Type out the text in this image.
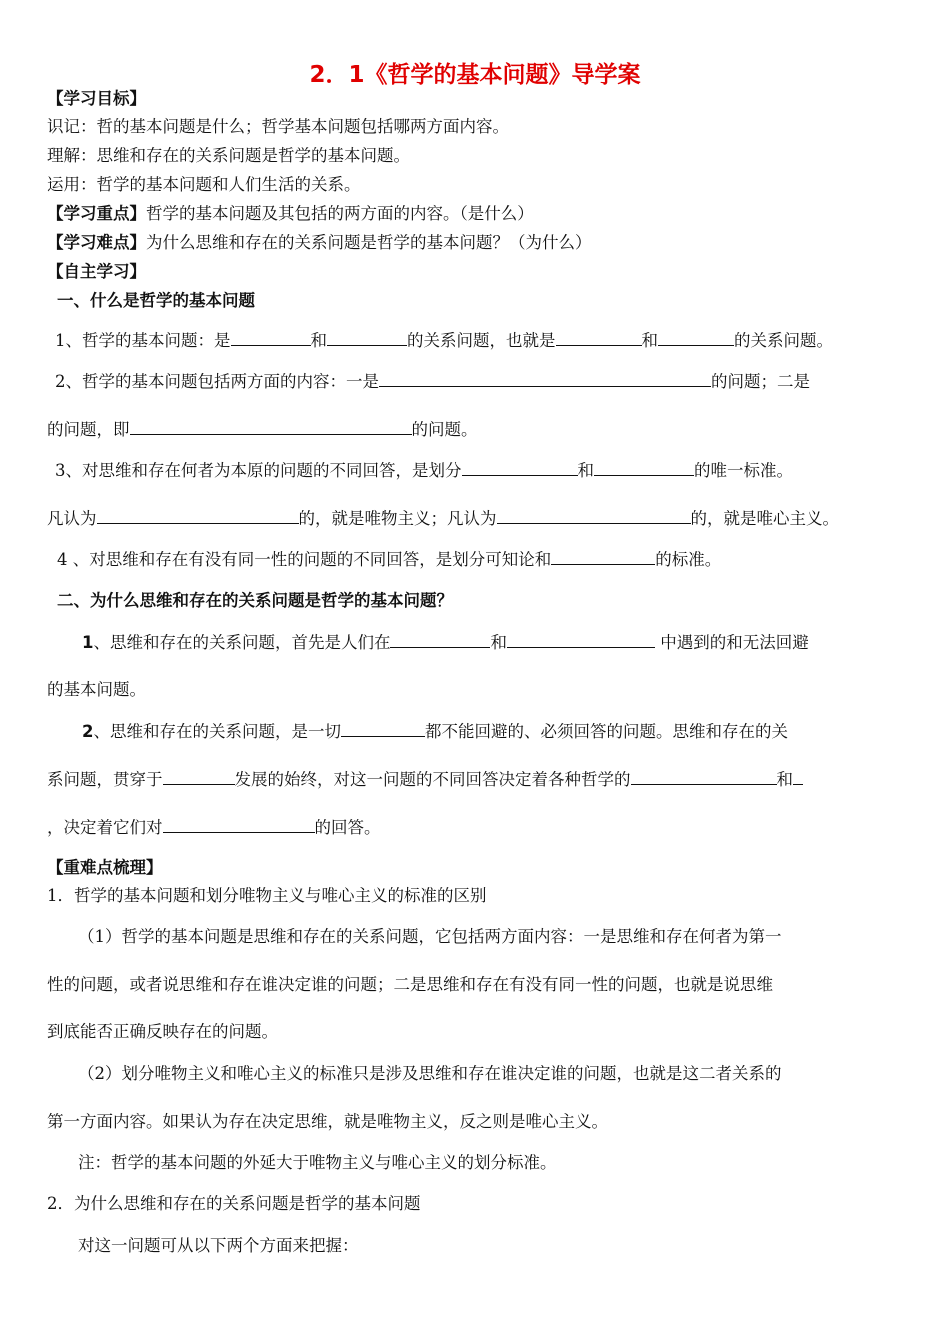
2．1《哲学的基本问题》导学案
【学习目标】
识记：哲的基本问题是什么；哲学基本问题包括哪两方面内容。
理解：思维和存在的关系问题是哲学的基本问题。
运用：哲学的基本问题和人们生活的关系。
【学习重点】哲学的基本问题及其包括的两方面的内容。（是什么）
【学习难点】为什么思维和存在的关系问题是哲学的基本问题？（为什么）
【自主学习】
一、什么是哲学的基本问题
1、哲学的基本问题：是	和	的关系问题，也就是	和	的关系问题。
2、哲学的基本问题包括两方面的内容：一是	的问题；二是
的问题，即	的问题。
3、对思维和存在何者为本原的问题的不同回答，是划分	和	的唯一标准。
凡认为	的，就是唯物主义；凡认为	的，就是唯心主义。
4 、对思维和存在有没有同一性的问题的不同回答，是划分可知论和	的标准。
二、为什么思维和存在的关系问题是哲学的基本问题？
1、思维和存在的关系问题，首先是人们在	和	中遇到的和无法回避
的基本问题。
2、思维和存在的关系问题，是一切	都不能回避的、必须回答的问题。思维和存在的关
系问题，贯穿于	发展的始终，对这一问题的不同回答决定着各种哲学的	和
，决定着它们对	的回答。
【重难点梳理】
1．哲学的基本问题和划分唯物主义与唯心主义的标准的区别
（1）哲学的基本问题是思维和存在的关系问题，它包括两方面内容：一是思维和存在何者为第一
性的问题，或者说思维和存在谁决定谁的问题；二是思维和存在有没有同一性的问题，也就是说思维
到底能否正确反映存在的问题。
（2）划分唯物主义和唯心主义的标准只是涉及思维和存在谁决定谁的问题，也就是这二者关系的
第一方面内容。如果认为存在决定思维，就是唯物主义，反之则是唯心主义。
注：哲学的基本问题的外延大于唯物主义与唯心主义的划分标准。
2．为什么思维和存在的关系问题是哲学的基本问题
对这一问题可从以下两个方面来把握：
